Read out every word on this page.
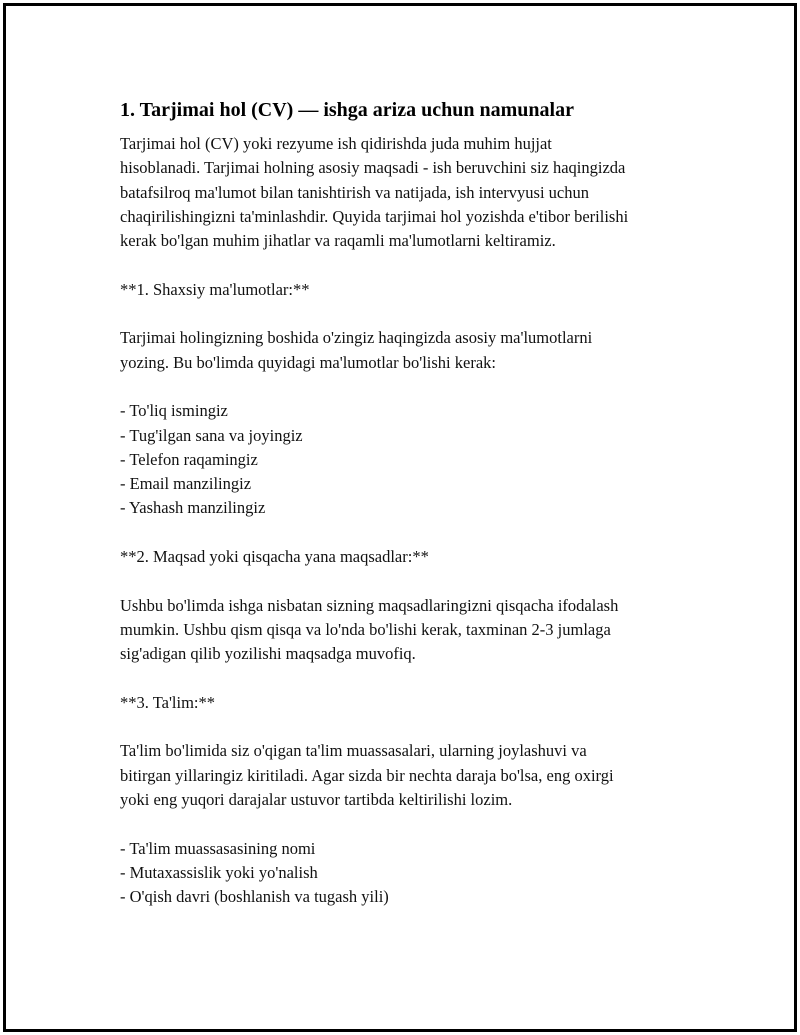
1. Tarjimai hol (CV) — ishga ariza uchun namunalar
Tarjimai hol (CV) yoki rezyume ish qidirishda juda muhim hujjat
hisoblanadi. Tarjimai holning asosiy maqsadi - ish beruvchini siz haqingizda
batafsilroq ma'lumot bilan tanishtirish va natijada, ish intervyusi uchun
chaqirilishingizni ta'minlashdir. Quyida tarjimai hol yozishda e'tibor berilishi
kerak bo'lgan muhim jihatlar va raqamli ma'lumotlarni keltiramiz.
**1. Shaxsiy ma'lumotlar:**
Tarjimai holingizning boshida o'zingiz haqingizda asosiy ma'lumotlarni
yozing. Bu bo'limda quyidagi ma'lumotlar bo'lishi kerak:
- To'liq ismingiz
- Tug'ilgan sana va joyingiz
- Telefon raqamingiz
- Email manzilingiz
- Yashash manzilingiz
**2. Maqsad yoki qisqacha yana maqsadlar:**
Ushbu bo'limda ishga nisbatan sizning maqsadlaringizni qisqacha ifodalash
mumkin. Ushbu qism qisqa va lo'nda bo'lishi kerak, taxminan 2-3 jumlaga
sig'adigan qilib yozilishi maqsadga muvofiq.
**3. Ta'lim:**
Ta'lim bo'limida siz o'qigan ta'lim muassasalari, ularning joylashuvi va
bitirgan yillaringiz kiritiladi. Agar sizda bir nechta daraja bo'lsa, eng oxirgi
yoki eng yuqori darajalar ustuvor tartibda keltirilishi lozim.
- Ta'lim muassasasining nomi
- Mutaxassislik yoki yo'nalish
- O'qish davri (boshlanish va tugash yili)
